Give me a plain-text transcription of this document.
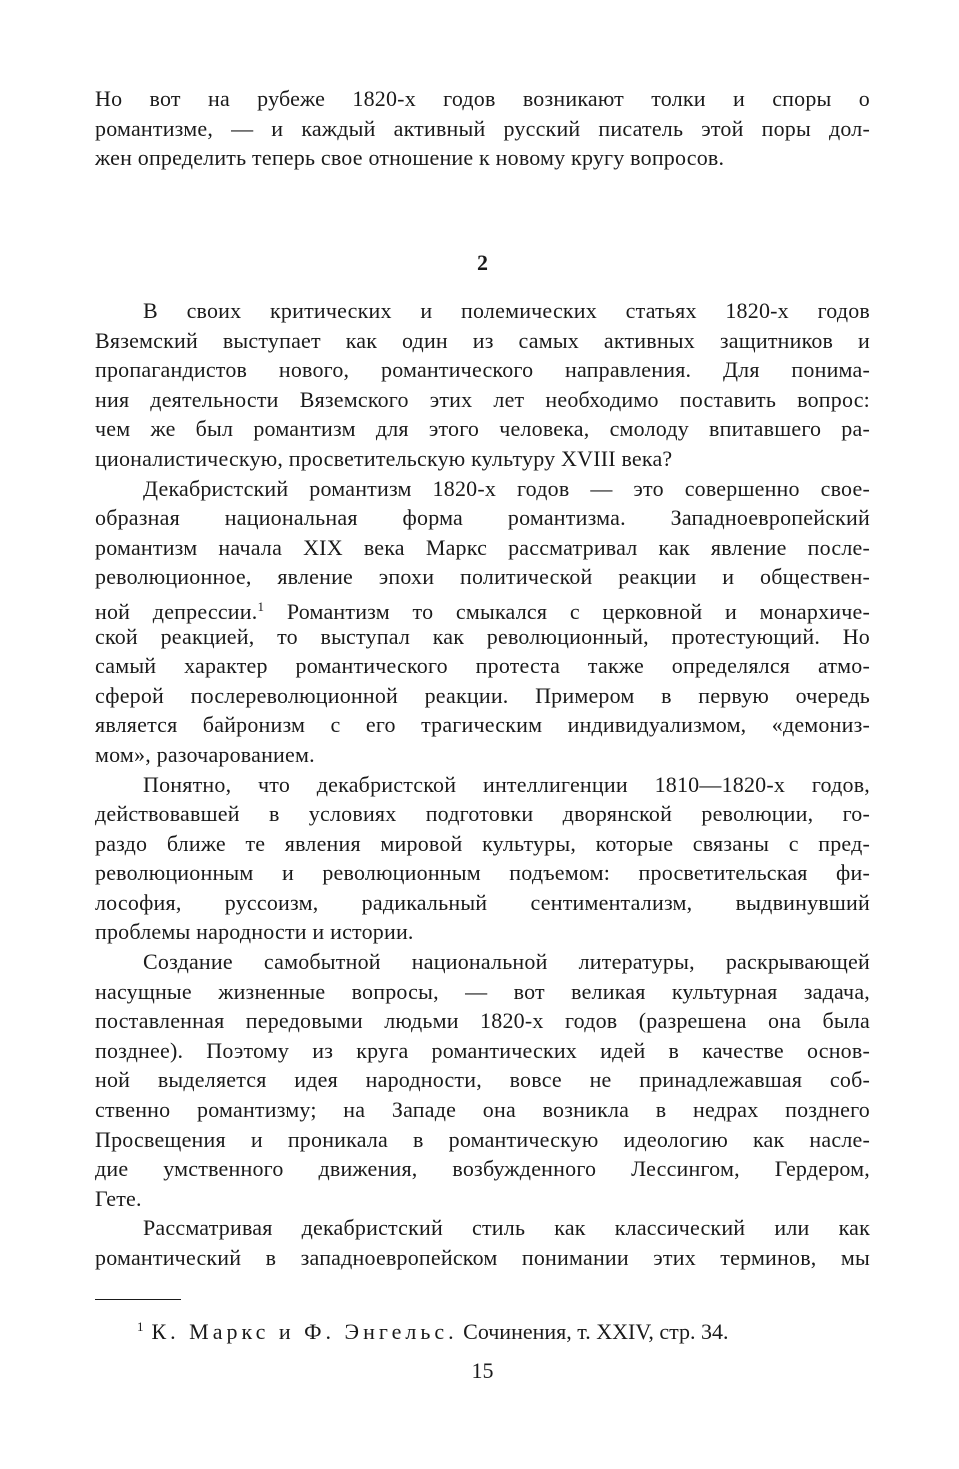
Но вот на рубеже 1820-х годов возникают толки и споры о
романтизме, — и каждый активный русский писатель этой поры дол-
жен определить теперь свое отношение к новому кругу вопросов.
2
В своих критических и полемических статьях 1820-х годов
Вяземский выступает как один из самых активных защитников и
пропагандистов нового, романтического направления. Для понима-
ния деятельности Вяземского этих лет необходимо поставить вопрос:
чем же был романтизм для этого человека, смолоду впитавшего ра-
ционалистическую, просветительскую культуру XVIII века?
Декабристский романтизм 1820-х годов — это совершенно свое-
образная национальная форма романтизма. Западноевропейский
романтизм начала XIX века Маркс рассматривал как явление после-
революционное, явление эпохи политической реакции и обществен-
ной депрессии.$^1$ Романтизм то смыкался с церковной и монархиче-
ской реакцией, то выступал как революционный, протестующий. Но
самый характер романтического протеста также определялся атмо-
сферой послереволюционной реакции. Примером в первую очередь
является байронизм с его трагическим индивидуализмом, «демониз-
мом», разочарованием.
Понятно, что декабристской интеллигенции 1810—1820-х годов,
действовавшей в условиях подготовки дворянской революции, го-
раздо ближе те явления мировой культуры, которые связаны с пред-
революционным и революционным подъемом: просветительская фи-
лософия, руссоизм, радикальный сентиментализм, выдвинувший
проблемы народности и истории.
Создание самобытной национальной литературы, раскрывающей
насущные жизненные вопросы, — вот великая культурная задача,
поставленная передовыми людьми 1820-х годов (разрешена она была
позднее). Поэтому из круга романтических идей в качестве основ-
ной выделяется идея народности, вовсе не принадлежавшая соб-
ственно романтизму; на Западе она возникла в недрах позднего
Просвещения и проникала в романтическую идеологию как насле-
дие умственного движения, возбужденного Лессингом, Гердером,
Гете.
Рассматривая декабристский стиль как классический или как
романтический в западноевропейском понимании этих терминов, мы
$^1$ К. Маркс и Ф. Энгельс. Сочинения, т. XXIV, стр. 34.
15
